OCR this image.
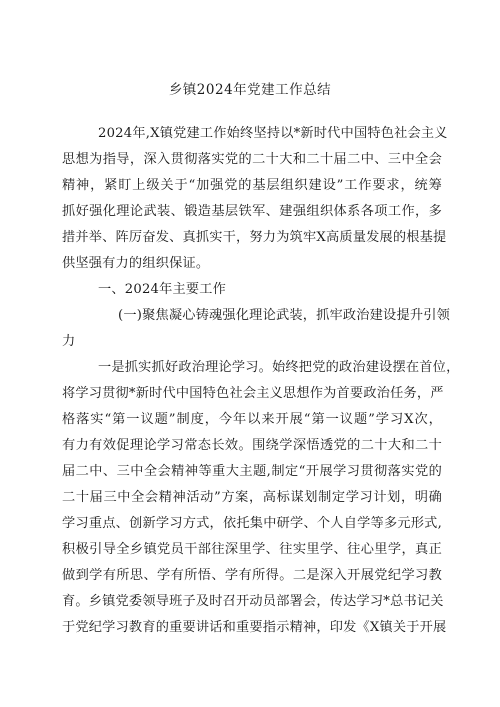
乡镇2024年党建工作总结
2024年,X镇党建工作始终坚持以*新时代中国特色社会主义
思想为指导，深入贯彻落实党的二十大和二十届二中、三中全会
精神，紧盯上级关于“加强党的基层组织建设”工作要求，统筹
抓好强化理论武装、锻造基层铁军、建强组织体系各项工作，多
措并举、阵厉奋发、真抓实干，努力为筑牢X高质量发展的根基提
供坚强有力的组织保证。
一、2024年主要工作
(一)聚焦凝心铸魂强化理论武装，抓牢政治建设提升引领
力
一是抓实抓好政治理论学习。始终把党的政治建设摆在首位，
将学习贯彻*新时代中国特色社会主义思想作为首要政治任务，严
格落实“第一议题”制度，今年以来开展“第一议题”学习X次，
有力有效促理论学习常态长效。围绕学深悟透党的二十大和二十
届二中、三中全会精神等重大主题,制定“开展学习贯彻落实党的
二十届三中全会精神活动”方案，高标谋划制定学习计划，明确
学习重点、创新学习方式，依托集中研学、个人自学等多元形式,
积极引导全乡镇党员干部往深里学、往实里学、往心里学，真正
做到学有所思、学有所悟、学有所得。二是深入开展党纪学习教
育。乡镇党委领导班子及时召开动员部署会，传达学习*总书记关
于党纪学习教育的重要讲话和重要指示精神，印发《X镇关于开展
